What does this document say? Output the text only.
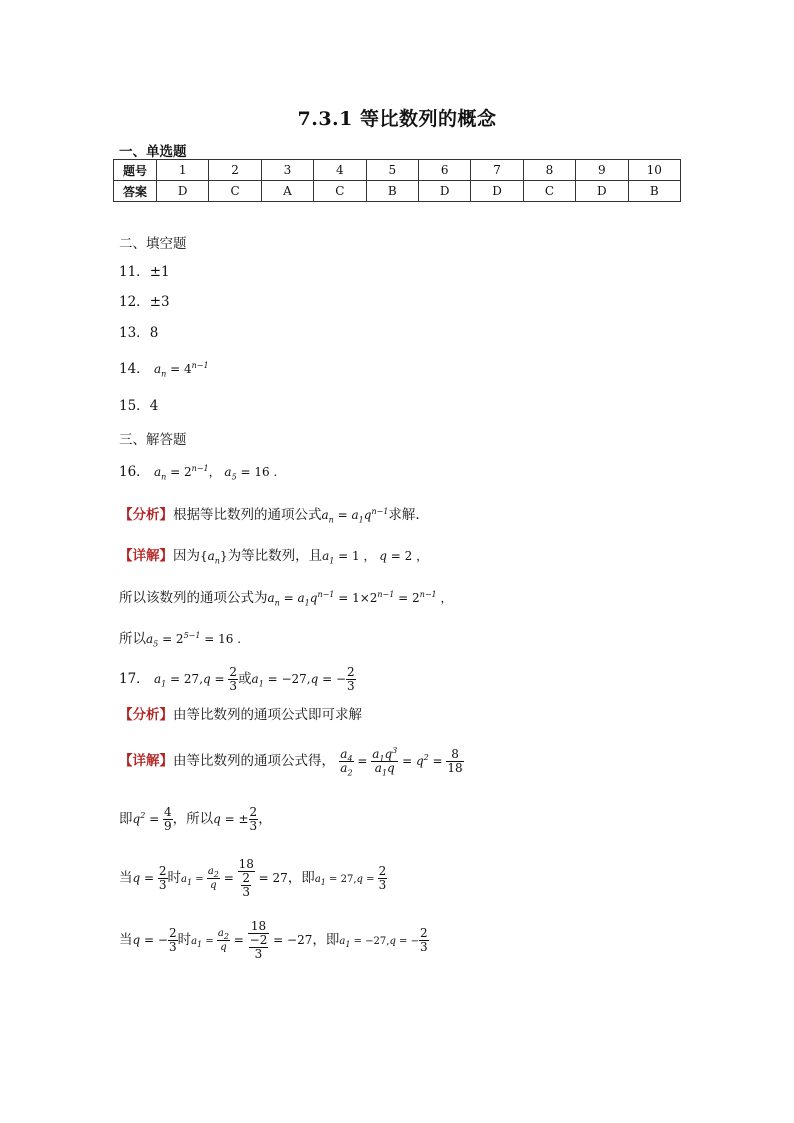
7.3.1 等比数列的概念
一、单选题
题号	1	2	3	4	5	6	7	8	9	10
答案	D	C	A	C	B	D	D	C	D	B
二、填空题
11．±1
12．±3
13．8
14． $a_n = 4^{n-1}$
15．4
三、解答题
16． $a_n = 2^{n-1}$， $a_5 = 16$ .
【分析】根据等比数列的通项公式$a_n = a_1q^{n-1}$求解.
【详解】因为$\{a_n\}$为等比数列，且$a_1 = 1$ ， q = 2 ，
所以该数列的通项公式为$a_n = a_1q^{n-1} = 1\times 2^{n-1} = 2^{n-1}$ ，
所以$a_5 = 2^{5-1} = 16$ .
17． $a_1 = 27,q = \frac{2}{3}$ 或$a_1 = -27,q$ = − $\frac{2}{3}$
【分析】由等比数列的通项公式即可求解
【详解】由等比数列的通项公式得， $\frac{a_4}{a_2} = \frac{a_1q^3}{a_1q} = q^2 = \frac{8}{18}$
即$q^2 = \frac{4}{9}$ ，所以q = ± $\frac{2}{3}$ ，
当$q = \frac{2}{3}$ 时$a_1 = \frac{a_2}{q} = \frac{18}{\frac{2}{3}} = 27$，即$a_1 = 27,q = \frac{2}{3}$
当q = − $\frac{2}{3}$ 时$a_1 = \frac{a_2}{q} = \frac{18}{\frac{-2}{3}} = -27$，即$a_1 = -27,q$ = − $\frac{2}{3}$
